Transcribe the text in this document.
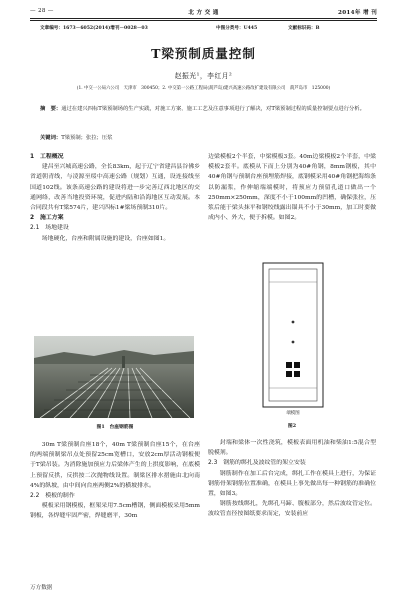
— 28 —	北 方 交 通	2014年 增 刊
文章编号：1673－6052(2014)增刊－0028－03	中图分类号：U445	文献标识码：B
T梁预制质量控制
赵振光¹，李红月²
(1. 中交一公局六公司　天津市　300450；2. 中交第一公路工程局(葫芦岛)建兴高速公路改扩建设有限公司　葫芦岛市　125000)
摘　要：通过在建兴四标T梁预制场的生产实践，对施工方案、施工工艺及注意事项进行了解决，对T梁预制过程的质量控制要点进行分析。
关键词：T梁预制；张拉；压浆

1　工程概况

建昌至兴城高速公路，全长83km，起于辽宁省建昌县谷佛乡省道朝青线，与凌源至绥中高速公路（规划）互通，设连接线至国道102线。该条高速公路的建设将进一步完善辽西北地区的交通网络，改善当地投资环境，促进内陆和沿海地区互动发展。本合同段共有T梁574片，建兴四标1#梁场预制310片。

2　施工方案

2.1　场地建设

场地硬化，台座和附属设施的建设，台座如图1。

图1　台座钢筋图

30m T梁预制台座18个，40m T梁预制台座15个，在台座的两端预制梁吊点处预留25cm宽槽口，安放2cm厚活动钢板便于T梁吊装。为消除施加预应力后梁体产生的上拱度影响，在底模上预留反拱，反拱按二次抛物线设置。制梁区排水措施由北向南4%的纵坡，由中间向台座两侧2%的横坡排水。

2.2　模板的制作

模板采用钢模板，框架采用7.5cm槽钢，侧面模板采用5mm钢板，各焊缝牢固严密，焊缝磨平，30m

边梁模板2个半套，中梁模板3套。40m边梁模板2个半套，中梁模板2套半。底模从下而上分别为40#角钢，8mm钢板，其中40#角钢与预制台座预埋筋焊接，底钢模采用40#角钢把海绵条以防漏浆，作伸缩端端模时，将预应力预留孔道口做出一个250mm×250mm，深度不小于100mm的凹槽，确保张拉，压浆后能于梁头抹平和钢绞线露出锚具不小于30mm，加工时要做成内小、外大，便于拆模。如图2。

端模图
图2

封端和梁体一次性浇筑，模板表面用机油和柴油1:5混合型脱模剂。

2.3　钢筋的绑扎及波纹管的架立安装

钢筋制作在加工后台完成，绑扎工作在模具上进行，为保证钢筋骨架钢筋位置准确，在模具上事先做出每一种钢筋的准确位置，如图3。

钢筋按线绑扎，先绑孔马蹄、腹板部分，然后波纹管定位。波纹管直径按图纸要求而定，安装前应

万方数据
